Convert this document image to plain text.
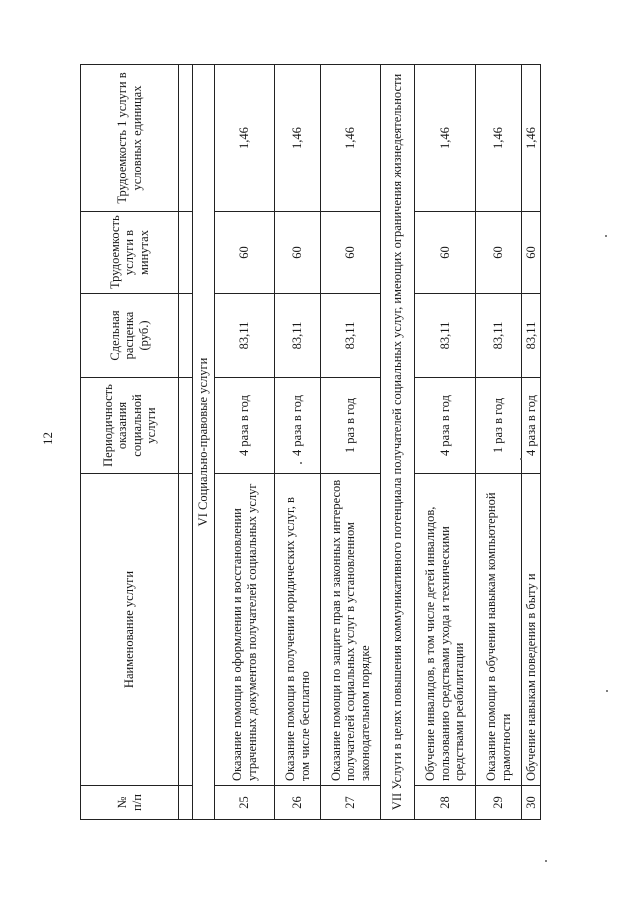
12
№ п/п	Наименование услуги	Периодичность оказания социальной услуги	Сдельная расценка (руб.)	Трудоемкость услуги в минутах	Трудоемкость 1 услуги в условных единицах

VI Социально-правовые услуги					
25	Оказание помощи в оформлении и восстановлении утраченных документов получателей социальных услуг	4 раза в год	83,11	60	1,46
26	Оказание помощи в получении юридических услуг, в том числе бесплатно	4 раза в год	83,11	60	1,46
27	Оказание помощи по защите прав и законных интересов получателей социальных услуг в установленном законодательном порядке	1 раз в год	83,11	60	1,46
VII Услуги в целях повышения коммуникативного потенциала получателей социальных услуг, имеющих ограничения жизнедеятельности					
28	Обучение инвалидов, в том числе детей инвалидов, пользованию средствами ухода и техническими средствами реабилитации	4 раза в год	83,11	60	1,46
29	Оказание помощи в обучении навыкам компьютерной грамотности	1 раз в год	83,11	60	1,46
30	Обучение навыкам поведения в быту и	4 раза в год	83,11	60	1,46
